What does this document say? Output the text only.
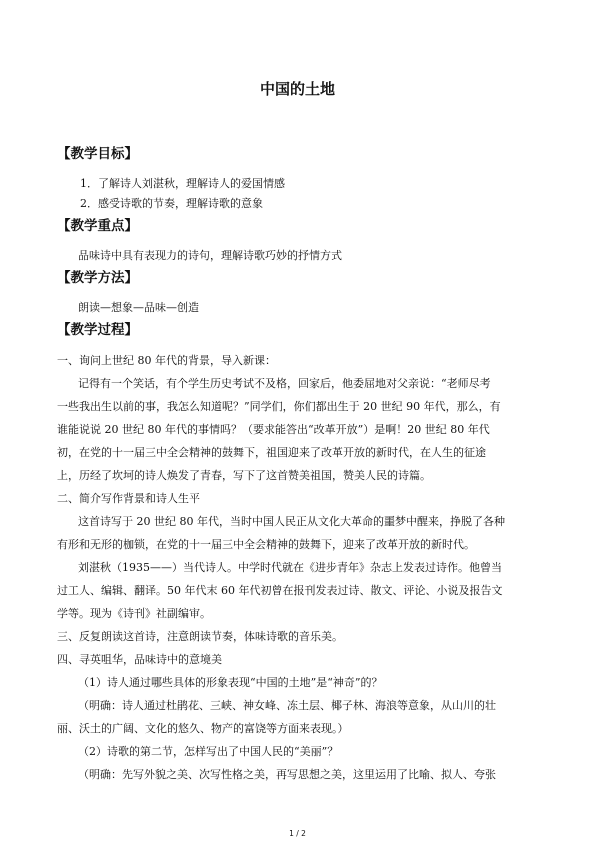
中国的土地
【教学目标】
1．了解诗人刘湛秋，理解诗人的爱国情感
2．感受诗歌的节奏，理解诗歌的意象
【教学重点】
品味诗中具有表现力的诗句，理解诗歌巧妙的抒情方式
【教学方法】
朗读—想象—品味—创造
【教学过程】
一、询问上世纪 80 年代的背景，导入新课：
记得有一个笑话，有个学生历史考试不及格，回家后，他委屈地对父亲说：“老师尽考
一些我出生以前的事，我怎么知道呢？”同学们，你们都出生于 20 世纪 90 年代，那么，有
谁能说说 20 世纪 80 年代的事情吗？（要求能答出“改革开放”）是啊！20 世纪 80 年代
初，在党的十一届三中全会精神的鼓舞下，祖国迎来了改革开放的新时代，在人生的征途
上，历经了坎坷的诗人焕发了青春，写下了这首赞美祖国，赞美人民的诗篇。
二、简介写作背景和诗人生平
这首诗写于 20 世纪 80 年代，当时中国人民正从文化大革命的噩梦中醒来，挣脱了各种
有形和无形的枷锁，在党的十一届三中全会精神的鼓舞下，迎来了改革开放的新时代。
刘湛秋（1935——）当代诗人。中学时代就在《进步青年》杂志上发表过诗作。他曾当
过工人、编辑、翻译。50 年代末 60 年代初曾在报刊发表过诗、散文、评论、小说及报告文
学等。现为《诗刊》社副编审。
三、反复朗读这首诗，注意朗读节奏，体味诗歌的音乐美。
四、寻英咀华，品味诗中的意境美
（1）诗人通过哪些具体的形象表现“中国的土地”是“神奇”的？
（明确：诗人通过杜鹃花、三峡、神女峰、冻土层、椰子林、海浪等意象，从山川的壮
丽、沃土的广阔、文化的悠久、物产的富饶等方面来表现。）
（2）诗歌的第二节，怎样写出了中国人民的“美丽”？
（明确：先写外貌之美、次写性格之美，再写思想之美，这里运用了比喻、拟人、夸张
1 / 2
